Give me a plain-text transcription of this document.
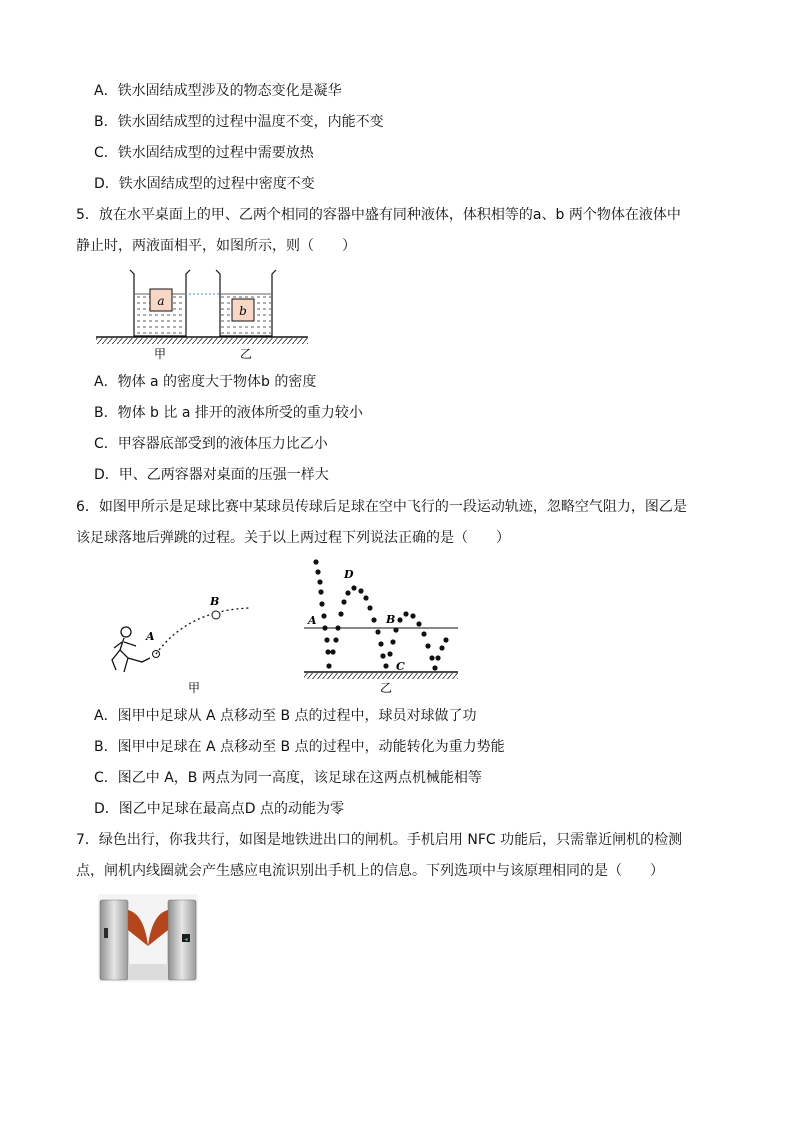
A．铁水固结成型涉及的物态变化是凝华
B．铁水固结成型的过程中温度不变，内能不变
C．铁水固结成型的过程中需要放热
D．铁水固结成型的过程中密度不变
5．放在水平桌面上的甲、乙两个相同的容器中盛有同种液体，体积相等的a、b 两个物体在液体中
静止时，两液面相平，如图所示，则（　　）
a
b
甲	乙
A．物体 a 的密度大于物体b 的密度
B．物体 b 比 a 排开的液体所受的重力较小
C．甲容器底部受到的液体压力比乙小
D．甲、乙两容器对桌面的压强一样大
6．如图甲所示是足球比赛中某球员传球后足球在空中飞行的一段运动轨迹，忽略空气阻力，图乙是
该足球落地后弹跳的过程。关于以上两过程下列说法正确的是（　　）
A
B
甲
A
D
B
C
乙
A．图甲中足球从 A 点移动至 B 点的过程中，球员对球做了功
B．图甲中足球在 A 点移动至 B 点的过程中，动能转化为重力势能
C．图乙中 A，B 两点为同一高度，该足球在这两点机械能相等
D．图乙中足球在最高点D 点的动能为零
7．绿色出行，你我共行，如图是地铁进出口的闸机。手机启用 NFC 功能后，只需靠近闸机的检测
点，闸机内线圈就会产生感应电流识别出手机上的信息。下列选项中与该原理相同的是（　　）
◂
